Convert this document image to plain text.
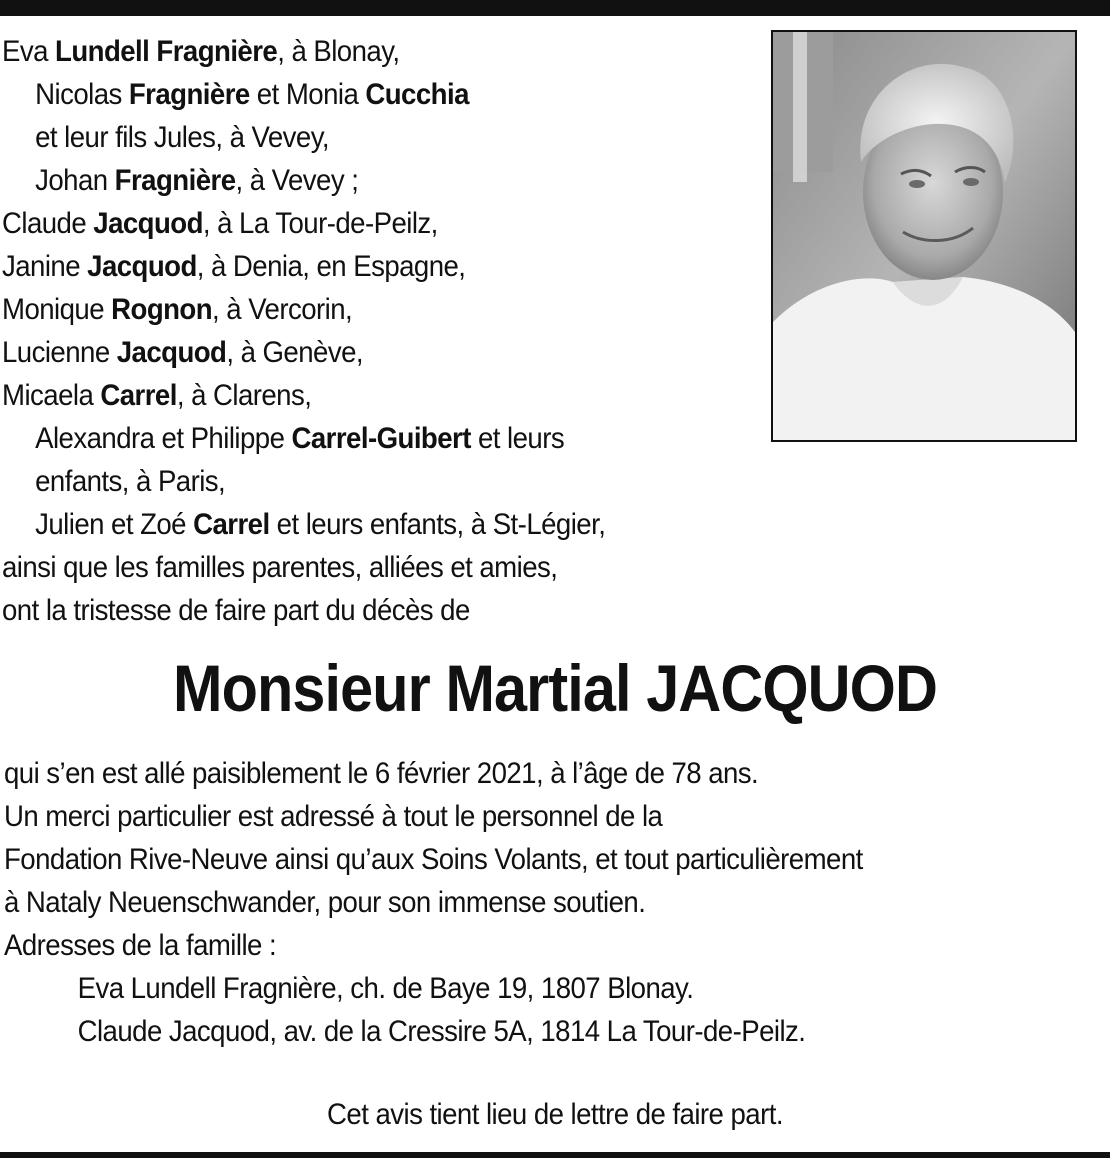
Eva Lundell Fragnière, à Blonay,
Nicolas Fragnière et Monia Cucchia
et leur fils Jules, à Vevey,
Johan Fragnière, à Vevey ;
Claude Jacquod, à La Tour-de-Peilz,
Janine Jacquod, à Denia, en Espagne,
Monique Rognon, à Vercorin,
Lucienne Jacquod, à Genève,
Micaela Carrel, à Clarens,
Alexandra et Philippe Carrel-Guibert et leurs
enfants, à Paris,
Julien et Zoé Carrel et leurs enfants, à St-Légier,
ainsi que les familles parentes, alliées et amies,
ont la tristesse de faire part du décès de
Monsieur Martial JACQUOD
qui s’en est allé paisiblement le 6 février 2021, à l’âge de 78 ans.
Un merci particulier est adressé à tout le personnel de la
Fondation Rive-Neuve ainsi qu’aux Soins Volants, et tout particulièrement
à Nataly Neuenschwander, pour son immense soutien.
Adresses de la famille :
Eva Lundell Fragnière, ch. de Baye 19, 1807 Blonay.
Claude Jacquod, av. de la Cressire 5A, 1814 La Tour-de-Peilz.
Cet avis tient lieu de lettre de faire part.
